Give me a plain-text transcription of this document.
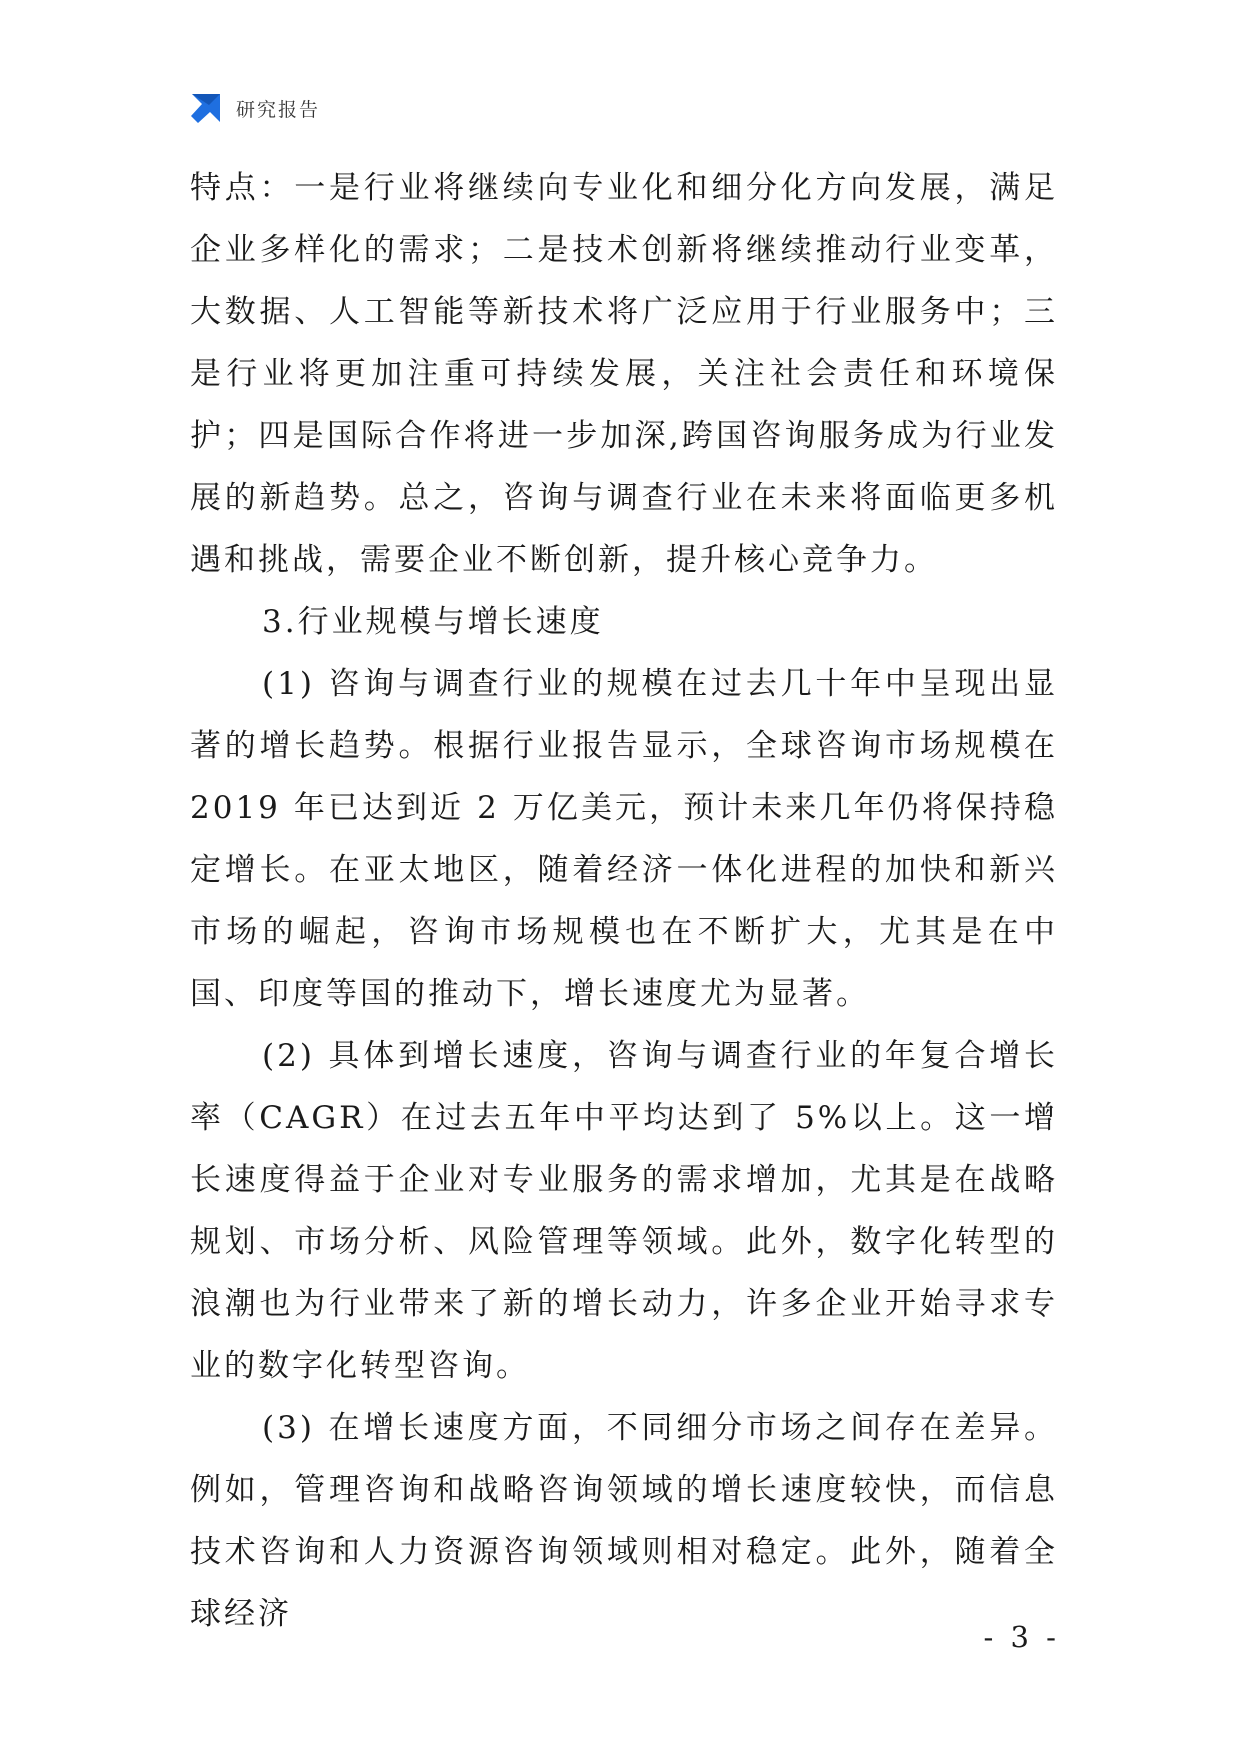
研究报告

特点：一是行业将继续向专业化和细分化方向发展，满足企业多样化的需求；二是技术创新将继续推动行业变革，大数据、人工智能等新技术将广泛应用于行业服务中；三是行业将更加注重可持续发展，关注社会责任和环境保护；四是国际合作将进一步加深,跨国咨询服务成为行业发展的新趋势。总之，咨询与调查行业在未来将面临更多机遇和挑战，需要企业不断创新，提升核心竞争力。

3.行业规模与增长速度

(1) 咨询与调查行业的规模在过去几十年中呈现出显著的增长趋势。根据行业报告显示，全球咨询市场规模在 2019 年已达到近 2 万亿美元，预计未来几年仍将保持稳定增长。在亚太地区，随着经济一体化进程的加快和新兴市场的崛起，咨询市场规模也在不断扩大，尤其是在中国、印度等国的推动下，增长速度尤为显著。

(2) 具体到增长速度，咨询与调查行业的年复合增长率（CAGR）在过去五年中平均达到了 5%以上。这一增长速度得益于企业对专业服务的需求增加，尤其是在战略规划、市场分析、风险管理等领域。此外，数字化转型的浪潮也为行业带来了新的增长动力，许多企业开始寻求专业的数字化转型咨询。

(3) 在增长速度方面，不同细分市场之间存在差异。例如，管理咨询和战略咨询领域的增长速度较快，而信息技术咨询和人力资源咨询领域则相对稳定。此外，随着全球经济

- 3 -
